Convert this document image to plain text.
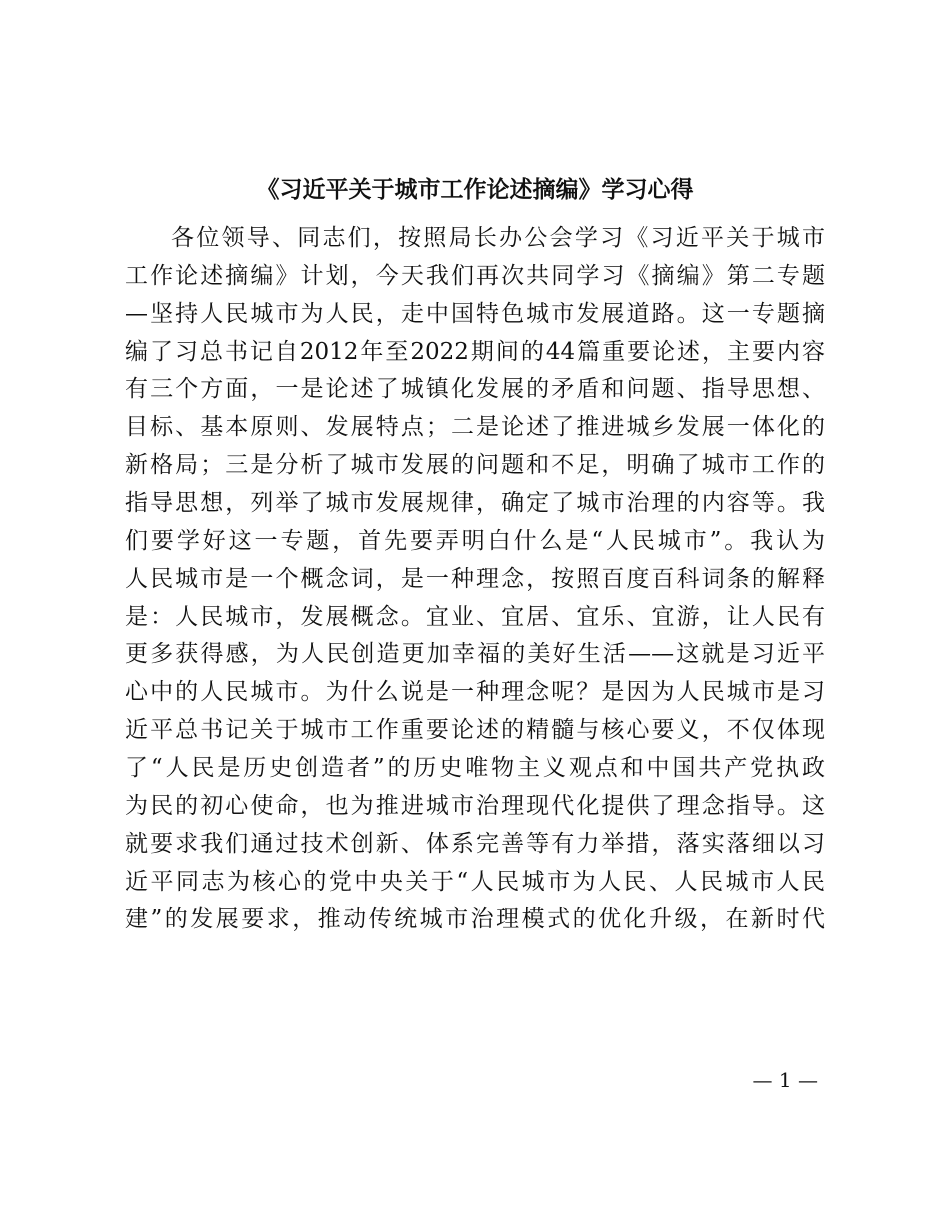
《习近平关于城市工作论述摘编》学习心得
各位领导、同志们，按照局长办公会学习《习近平关于城市
工作论述摘编》计划，今天我们再次共同学习《摘编》第二专题
—坚持人民城市为人民，走中国特色城市发展道路。这一专题摘
编了习总书记自2012年至2022期间的44篇重要论述，主要内容
有三个方面，一是论述了城镇化发展的矛盾和问题、指导思想、
目标、基本原则、发展特点；二是论述了推进城乡发展一体化的
新格局；三是分析了城市发展的问题和不足，明确了城市工作的
指导思想，列举了城市发展规律，确定了城市治理的内容等。我
们要学好这一专题，首先要弄明白什么是“人民城市”。我认为
人民城市是一个概念词，是一种理念，按照百度百科词条的解释
是：人民城市，发展概念。宜业、宜居、宜乐、宜游，让人民有
更多获得感，为人民创造更加幸福的美好生活——这就是习近平
心中的人民城市。为什么说是一种理念呢？是因为人民城市是习
近平总书记关于城市工作重要论述的精髓与核心要义，不仅体现
了“人民是历史创造者”的历史唯物主义观点和中国共产党执政
为民的初心使命，也为推进城市治理现代化提供了理念指导。这
就要求我们通过技术创新、体系完善等有力举措，落实落细以习
近平同志为核心的党中央关于“人民城市为人民、人民城市人民
建”的发展要求，推动传统城市治理模式的优化升级，在新时代
— 1 —
